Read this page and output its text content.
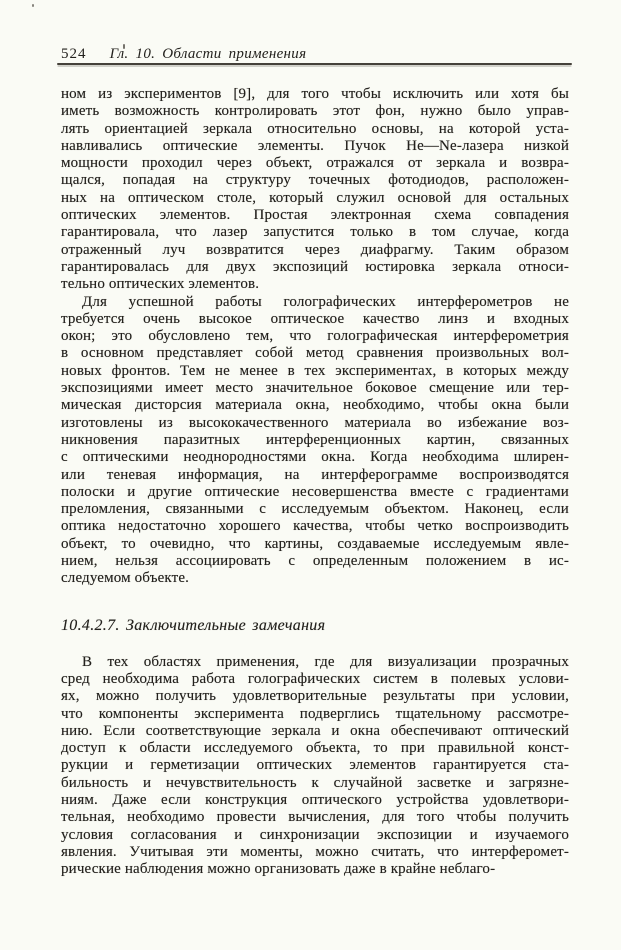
524 Гл. 10. Области применения
ном из экспериментов [9], для того чтобы исключить или хотя бы
иметь возможность контролировать этот фон, нужно было управ-
лять ориентацией зеркала относительно основы, на которой уста-
навливались оптические элементы. Пучок He—Ne-лазера низкой
мощности проходил через объект, отражался от зеркала и возвра-
щался, попадая на структуру точечных фотодиодов, расположен-
ных на оптическом столе, который служил основой для остальных
оптических элементов. Простая электронная схема совпадения
гарантировала, что лазер запустится только в том случае, когда
отраженный луч возвратится через диафрагму. Таким образом
гарантировалась для двух экспозиций юстировка зеркала относи-
тельно оптических элементов.
Для успешной работы голографических интерферометров не
требуется очень высокое оптическое качество линз и входных
окон; это обусловлено тем, что голографическая интерферометрия
в основном представляет собой метод сравнения произвольных вол-
новых фронтов. Тем не менее в тех экспериментах, в которых между
экспозициями имеет место значительное боковое смещение или тер-
мическая дисторсия материала окна, необходимо, чтобы окна были
изготовлены из высококачественного материала во избежание воз-
никновения паразитных интерференционных картин, связанных
с оптическими неоднородностями окна. Когда необходима шлирен-
или теневая информация, на интерферограмме воспроизводятся
полоски и другие оптические несовершенства вместе с градиентами
преломления, связанными с исследуемым объектом. Наконец, если
оптика недостаточно хорошего качества, чтобы четко воспроизводить
объект, то очевидно, что картины, создаваемые исследуемым явле-
нием, нельзя ассоциировать с определенным положением в ис-
следуемом объекте.
10.4.2.7. Заключительные замечания
В тех областях применения, где для визуализации прозрачных
сред необходима работа голографических систем в полевых услови-
ях, можно получить удовлетворительные результаты при условии,
что компоненты эксперимента подверглись тщательному рассмотре-
нию. Если соответствующие зеркала и окна обеспечивают оптический
доступ к области исследуемого объекта, то при правильной конст-
рукции и герметизации оптических элементов гарантируется ста-
бильность и нечувствительность к случайной засветке и загрязне-
ниям. Даже если конструкция оптического устройства удовлетвори-
тельная, необходимо провести вычисления, для того чтобы получить
условия согласования и синхронизации экспозиции и изучаемого
явления. Учитывая эти моменты, можно считать, что интерферомет-
рические наблюдения можно организовать даже в крайне неблаго-
